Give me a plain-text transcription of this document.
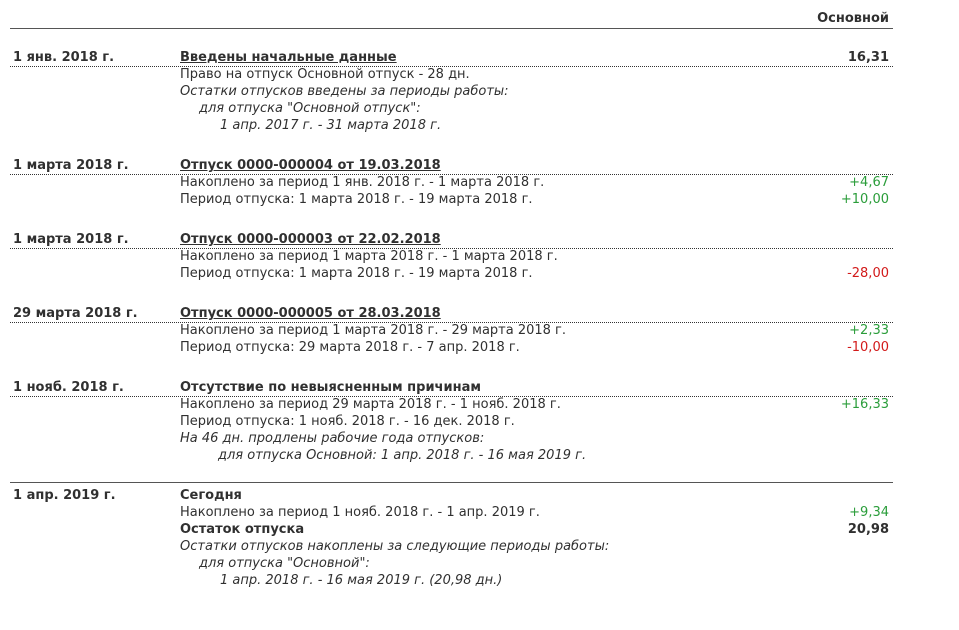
Основной
1 янв. 2018 г.	Введены начальные данные	16,31
Право на отпуск Основной отпуск - 28 дн.
Остатки отпусков введены за периоды работы:
для отпуска "Основной отпуск":
1 апр. 2017 г. - 31 марта 2018 г.
1 марта 2018 г.	Отпуск 0000-000004 от 19.03.2018
Накоплено за период 1 янв. 2018 г. - 1 марта 2018 г.	+4,67
Период отпуска: 1 марта 2018 г. - 19 марта 2018 г.	+10,00
1 марта 2018 г.	Отпуск 0000-000003 от 22.02.2018
Накоплено за период 1 марта 2018 г. - 1 марта 2018 г.
Период отпуска: 1 марта 2018 г. - 19 марта 2018 г.	-28,00
29 марта 2018 г.	Отпуск 0000-000005 от 28.03.2018
Накоплено за период 1 марта 2018 г. - 29 марта 2018 г.	+2,33
Период отпуска: 29 марта 2018 г. - 7 апр. 2018 г.	-10,00
1 нояб. 2018 г.	Отсутствие по невыясненным причинам
Накоплено за период 29 марта 2018 г. - 1 нояб. 2018 г.	+16,33
Период отпуска: 1 нояб. 2018 г. - 16 дек. 2018 г.
На 46 дн. продлены рабочие года отпусков:
для отпуска Основной: 1 апр. 2018 г. - 16 мая 2019 г.
1 апр. 2019 г.	Сегодня
Накоплено за период 1 нояб. 2018 г. - 1 апр. 2019 г.	+9,34
Остаток отпуска	20,98
Остатки отпусков накоплены за следующие периоды работы:
для отпуска "Основной":
1 апр. 2018 г. - 16 мая 2019 г. (20,98 дн.)
